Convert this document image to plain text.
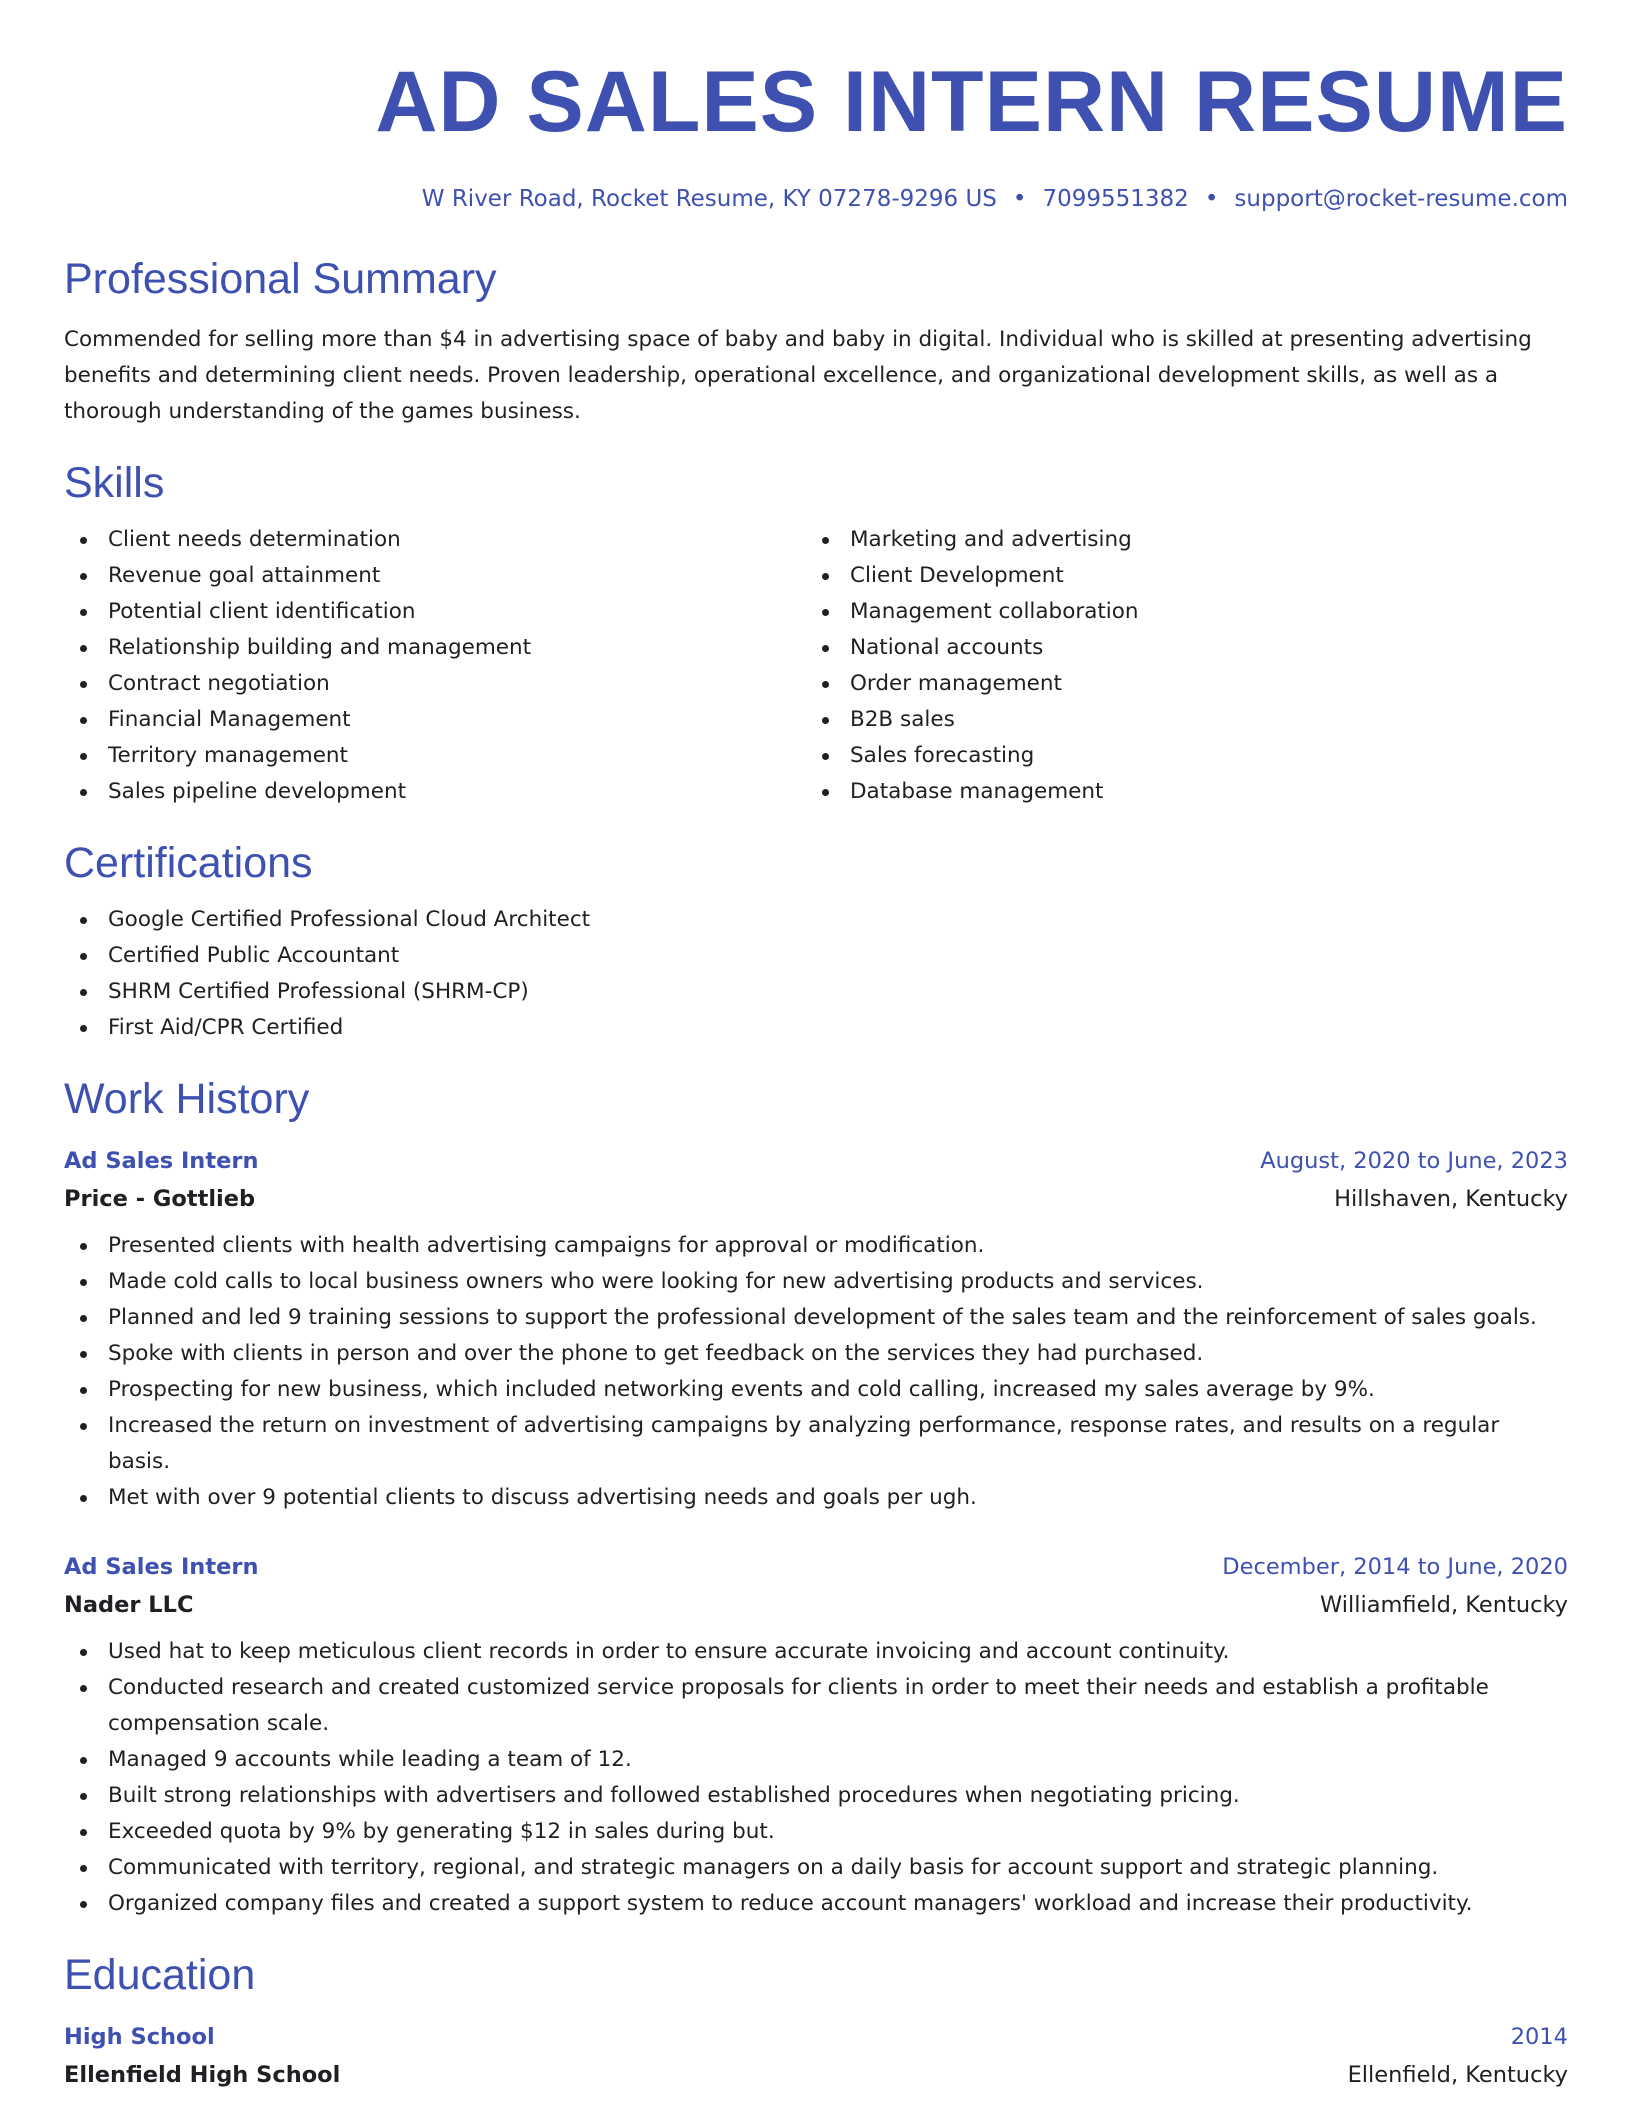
AD SALES INTERN RESUME
W River Road, Rocket Resume, KY 07278-9296 US • 7099551382 • support@rocket-resume.com
Professional Summary

Commended for selling more than $4 in advertising space of baby and baby in digital. Individual who is skilled at presenting advertising benefits and determining client needs. Proven leadership, operational excellence, and organizational development skills, as well as a thorough understanding of the games business.

Skills
Client needs determination
Revenue goal attainment
Potential client identification
Relationship building and management
Contract negotiation
Financial Management
Territory management
Sales pipeline development
Marketing and advertising
Client Development
Management collaboration
National accounts
Order management
B2B sales
Sales forecasting
Database management
Certifications
Google Certified Professional Cloud Architect
Certified Public Accountant
SHRM Certified Professional (SHRM-CP)
First Aid/CPR Certified
Work History
Ad Sales Intern	August, 2020 to June, 2023
Price - Gottlieb	Hillshaven, Kentucky
Presented clients with health advertising campaigns for approval or modification.
Made cold calls to local business owners who were looking for new advertising products and services.
Planned and led 9 training sessions to support the professional development of the sales team and the reinforcement of sales goals.
Spoke with clients in person and over the phone to get feedback on the services they had purchased.
Prospecting for new business, which included networking events and cold calling, increased my sales average by 9%.
Increased the return on investment of advertising campaigns by analyzing performance, response rates, and results on a regular basis.
Met with over 9 potential clients to discuss advertising needs and goals per ugh.
Ad Sales Intern	December, 2014 to June, 2020
Nader LLC	Williamfield, Kentucky
Used hat to keep meticulous client records in order to ensure accurate invoicing and account continuity.
Conducted research and created customized service proposals for clients in order to meet their needs and establish a profitable compensation scale.
Managed 9 accounts while leading a team of 12.
Built strong relationships with advertisers and followed established procedures when negotiating pricing.
Exceeded quota by 9% by generating $12 in sales during but.
Communicated with territory, regional, and strategic managers on a daily basis for account support and strategic planning.
Organized company files and created a support system to reduce account managers' workload and increase their productivity.
Education
High School	2014
Ellenfield High School	Ellenfield, Kentucky
